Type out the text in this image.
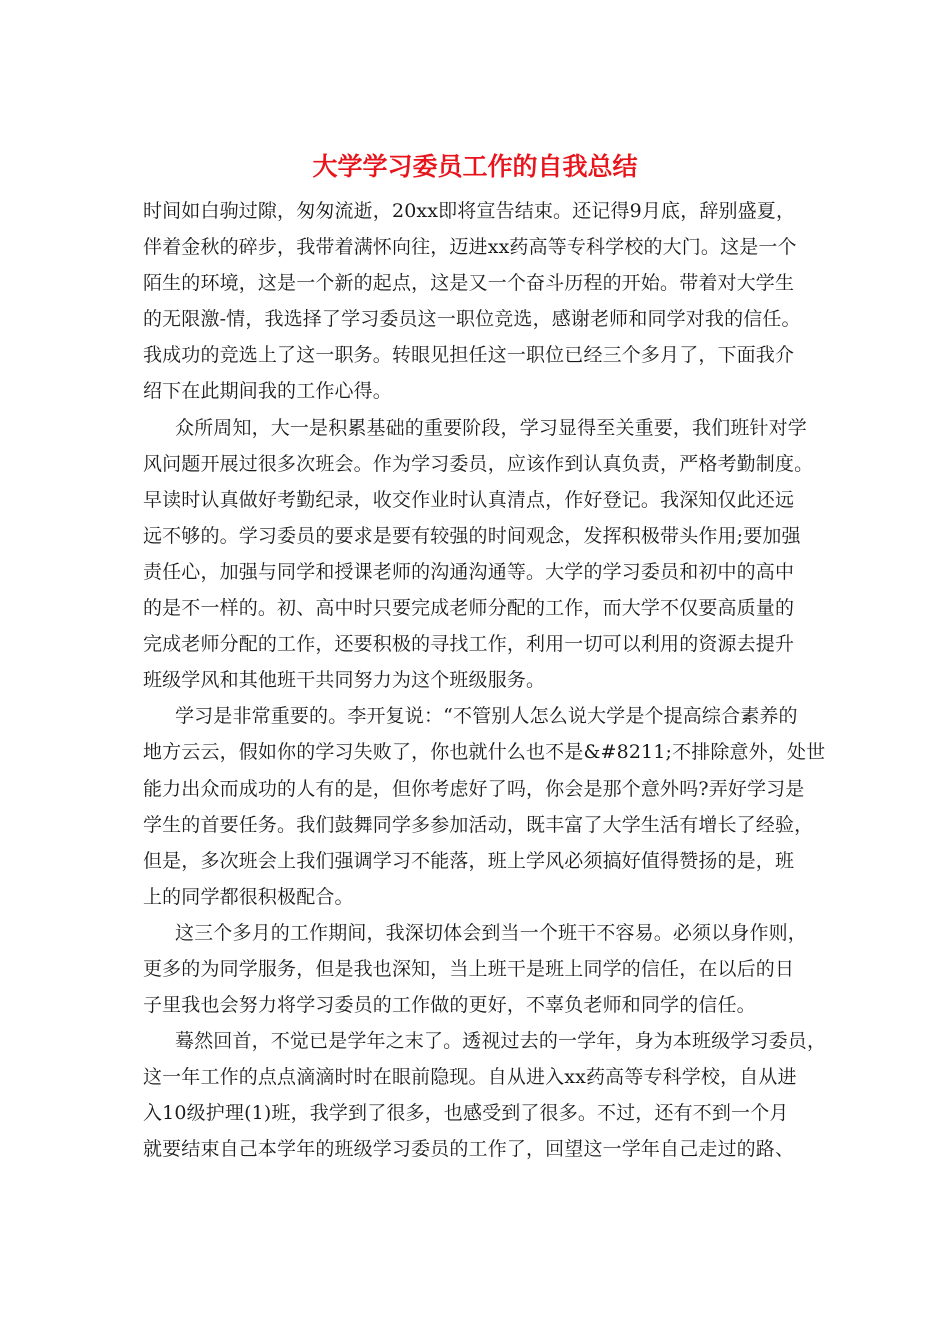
大学学习委员工作的自我总结
时间如白驹过隙，匆匆流逝，20xx即将宣告结束。还记得9月底，辞别盛夏，
伴着金秋的碎步，我带着满怀向往，迈进xx药高等专科学校的大门。这是一个
陌生的环境，这是一个新的起点，这是又一个奋斗历程的开始。带着对大学生
的无限激-情，我选择了学习委员这一职位竞选，感谢老师和同学对我的信任。
我成功的竞选上了这一职务。转眼见担任这一职位已经三个多月了，下面我介
绍下在此期间我的工作心得。
众所周知，大一是积累基础的重要阶段，学习显得至关重要，我们班针对学
风问题开展过很多次班会。作为学习委员，应该作到认真负责，严格考勤制度。
早读时认真做好考勤纪录，收交作业时认真清点，作好登记。我深知仅此还远
远不够的。学习委员的要求是要有较强的时间观念，发挥积极带头作用;要加强
责任心，加强与同学和授课老师的沟通沟通等。大学的学习委员和初中的高中
的是不一样的。初、高中时只要完成老师分配的工作，而大学不仅要高质量的
完成老师分配的工作，还要积极的寻找工作，利用一切可以利用的资源去提升
班级学风和其他班干共同努力为这个班级服务。
学习是非常重要的。李开复说：“不管别人怎么说大学是个提高综合素养的
地方云云，假如你的学习失败了，你也就什么也不是&#8211;不排除意外，处世
能力出众而成功的人有的是，但你考虑好了吗，你会是那个意外吗?弄好学习是
学生的首要任务。我们鼓舞同学多参加活动，既丰富了大学生活有增长了经验，
但是，多次班会上我们强调学习不能落，班上学风必须搞好值得赞扬的是，班
上的同学都很积极配合。
这三个多月的工作期间，我深切体会到当一个班干不容易。必须以身作则，
更多的为同学服务，但是我也深知，当上班干是班上同学的信任，在以后的日
子里我也会努力将学习委员的工作做的更好，不辜负老师和同学的信任。
蓦然回首，不觉已是学年之末了。透视过去的一学年，身为本班级学习委员，
这一年工作的点点滴滴时时在眼前隐现。自从进入xx药高等专科学校，自从进
入10级护理(1)班，我学到了很多，也感受到了很多。不过，还有不到一个月
就要结束自己本学年的班级学习委员的工作了，回望这一学年自己走过的路、
